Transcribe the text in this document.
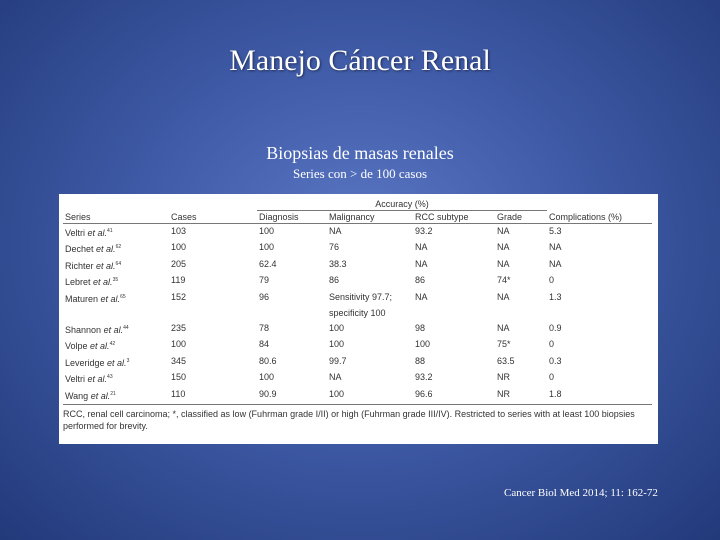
Manejo Cáncer Renal
Biopsias de masas renales
Series con > de 100 casos
Series	Cases	Accuracy (%)				Complications (%)
		Diagnosis	Malignancy	RCC subtype	Grade	
Veltri et al.$^{41}$	103	100	NA	93.2	NA	5.3
Dechet et al.$^{62}$	100	100	76	NA	NA	NA
Richter et al.$^{64}$	205	62.4	38.3	NA	NA	NA
Lebret et al.$^{35}$	119	79	86	86	74*	0
Maturen et al.$^{65}$	152	96	Sensitivity 97.7;	NA	NA	1.3
			specificity 100			
Shannon et al.$^{44}$	235	78	100	98	NA	0.9
Volpe et al.$^{42}$	100	84	100	100	75*	0
Leveridge et al.$^3$	345	80.6	99.7	88	63.5	0.3
Veltri et al.$^{43}$	150	100	NA	93.2	NR	0
Wang et al.$^{21}$	110	90.9	100	96.6	NR	1.8
RCC, renal cell carcinoma; *, classified as low (Fuhrman grade I/II) or high (Fuhrman grade III/IV). Restricted to series with at least 100 biopsies performed for brevity.
Cancer Biol Med 2014; 11: 162-72
